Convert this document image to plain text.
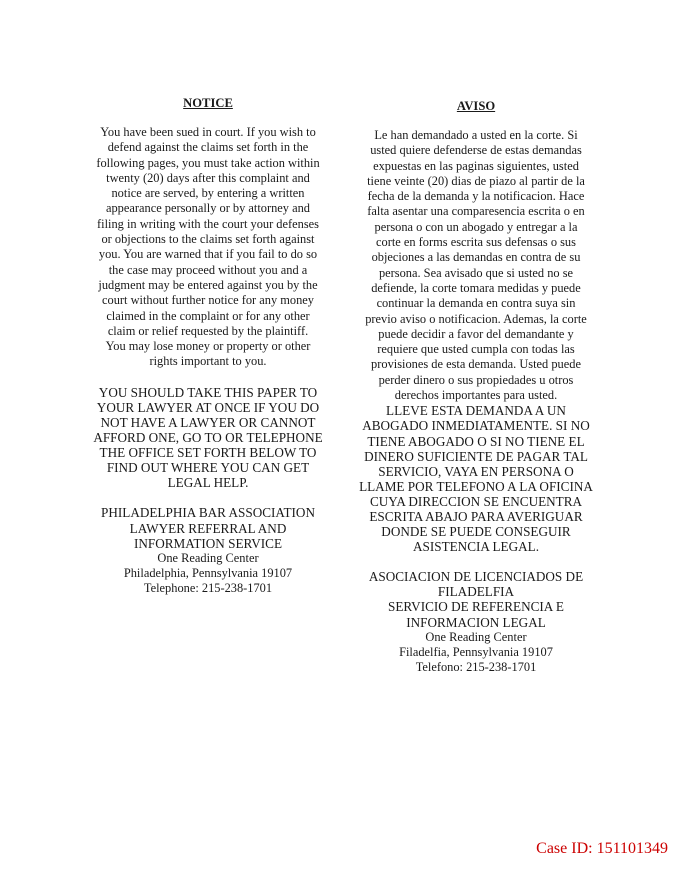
NOTICE

You have been sued in court. If you wish to
defend against the claims set forth in the
following pages, you must take action within
twenty (20) days after this complaint and
notice are served, by entering a written
appearance personally or by attorney and
filing in writing with the court your defenses
or objections to the claims set forth against
you. You are warned that if you fail to do so
the case may proceed without you and a
judgment may be entered against you by the
court without further notice for any money
claimed in the complaint or for any other
claim or relief requested by the plaintiff.
You may lose money or property or other
rights important to you.

YOU SHOULD TAKE THIS PAPER TO
YOUR LAWYER AT ONCE IF YOU DO
NOT HAVE A LAWYER OR CANNOT
AFFORD ONE, GO TO OR TELEPHONE
THE OFFICE SET FORTH BELOW TO
FIND OUT WHERE YOU CAN GET
LEGAL HELP.

PHILADELPHIA BAR ASSOCIATION
LAWYER REFERRAL AND
INFORMATION SERVICE

One Reading Center

Philadelphia, Pennsylvania 19107

Telephone: 215-238-1701

AVISO

Le han demandado a usted en la corte. Si
usted quiere defenderse de estas demandas
expuestas en las paginas siguientes, usted
tiene veinte (20) dias de piazo al partir de la
fecha de la demanda y la notificacion. Hace
falta asentar una comparesencia escrita o en
persona o con un abogado y entregar a la
corte en forms escrita sus defensas o sus
objeciones a las demandas en contra de su
persona. Sea avisado que si usted no se
defiende, la corte tomara medidas y puede
continuar la demanda en contra suya sin
previo aviso o notificacion. Ademas, la corte
puede decidir a favor del demandante y
requiere que usted cumpla con todas las
provisiones de esta demanda. Usted puede
perder dinero o sus propiedades u otros
derechos importantes para usted.

LLEVE ESTA DEMANDA A UN
ABOGADO INMEDIATAMENTE. SI NO
TIENE ABOGADO O SI NO TIENE EL
DINERO SUFICIENTE DE PAGAR TAL
SERVICIO, VAYA EN PERSONA O
LLAME POR TELEFONO A LA OFICINA
CUYA DIRECCION SE ENCUENTRA
ESCRITA ABAJO PARA AVERIGUAR
DONDE SE PUEDE CONSEGUIR
ASISTENCIA LEGAL.

ASOCIACION DE LICENCIADOS DE
FILADELFIA
SERVICIO DE REFERENCIA E
INFORMACION LEGAL

One Reading Center

Filadelfia, Pennsylvania 19107

Telefono: 215-238-1701

Case ID: 151101349
